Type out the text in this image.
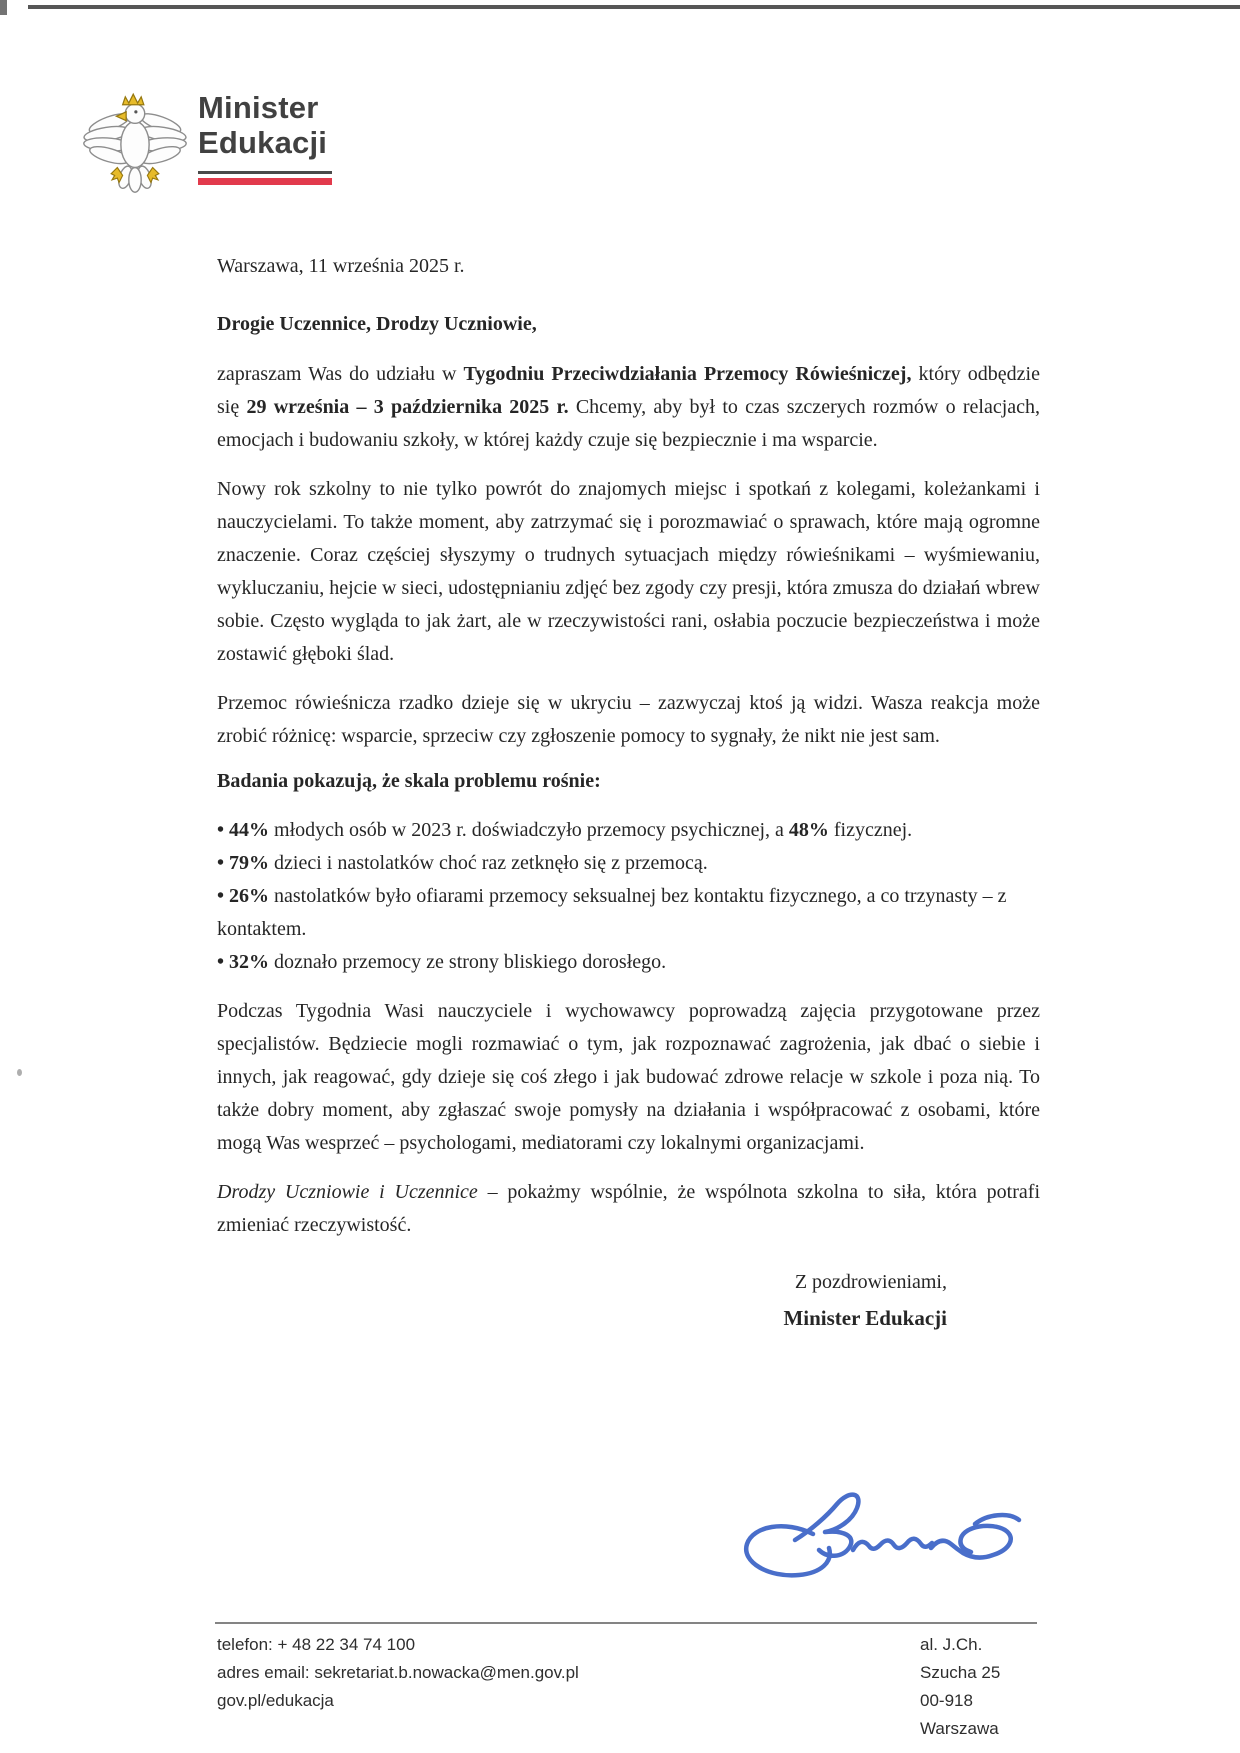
Minister
Edukacji
Warszawa, 11 września 2025 r.
Drogie Uczennice, Drodzy Uczniowie,

zapraszam Was do udziału w Tygodniu Przeciwdziałania Przemocy Rówieśniczej, który odbędzie się 29 września – 3 października 2025 r. Chcemy, aby był to czas szczerych rozmów o relacjach, emocjach i budowaniu szkoły, w której każdy czuje się bezpiecznie i ma wsparcie.

Nowy rok szkolny to nie tylko powrót do znajomych miejsc i spotkań z kolegami, koleżankami i nauczycielami. To także moment, aby zatrzymać się i porozmawiać o sprawach, które mają ogromne znaczenie. Coraz częściej słyszymy o trudnych sytuacjach między rówieśnikami – wyśmiewaniu, wykluczaniu, hejcie w sieci, udostępnianiu zdjęć bez zgody czy presji, która zmusza do działań wbrew sobie. Często wygląda to jak żart, ale w rzeczywistości rani, osłabia poczucie bezpieczeństwa i może zostawić głęboki ślad.

Przemoc rówieśnicza rzadko dzieje się w ukryciu – zazwyczaj ktoś ją widzi. Wasza reakcja może zrobić różnicę: wsparcie, sprzeciw czy zgłoszenie pomocy to sygnały, że nikt nie jest sam.

Badania pokazują, że skala problemu rośnie:
• 44% młodych osób w 2023 r. doświadczyło przemocy psychicznej, a 48% fizycznej.
• 79% dzieci i nastolatków choć raz zetknęło się z przemocą.
• 26% nastolatków było ofiarami przemocy seksualnej bez kontaktu fizycznego, a co trzynasty – z kontaktem.
• 32% doznało przemocy ze strony bliskiego dorosłego.

Podczas Tygodnia Wasi nauczyciele i wychowawcy poprowadzą zajęcia przygotowane przez specjalistów. Będziecie mogli rozmawiać o tym, jak rozpoznawać zagrożenia, jak dbać o siebie i innych, jak reagować, gdy dzieje się coś złego i jak budować zdrowe relacje w szkole i poza nią. To także dobry moment, aby zgłaszać swoje pomysły na działania i współpracować z osobami, które mogą Was wesprzeć – psychologami, mediatorami czy lokalnymi organizacjami.

Drodzy Uczniowie i Uczennice – pokażmy wspólnie, że wspólnota szkolna to siła, która potrafi zmieniać rzeczywistość.

Z pozdrowieniami,
Minister Edukacji
telefon: + 48 22 34 74 100
adres email: sekretariat.b.nowacka@men.gov.pl
gov.pl/edukacja
al. J.Ch. Szucha 25
00-918 Warszawa
